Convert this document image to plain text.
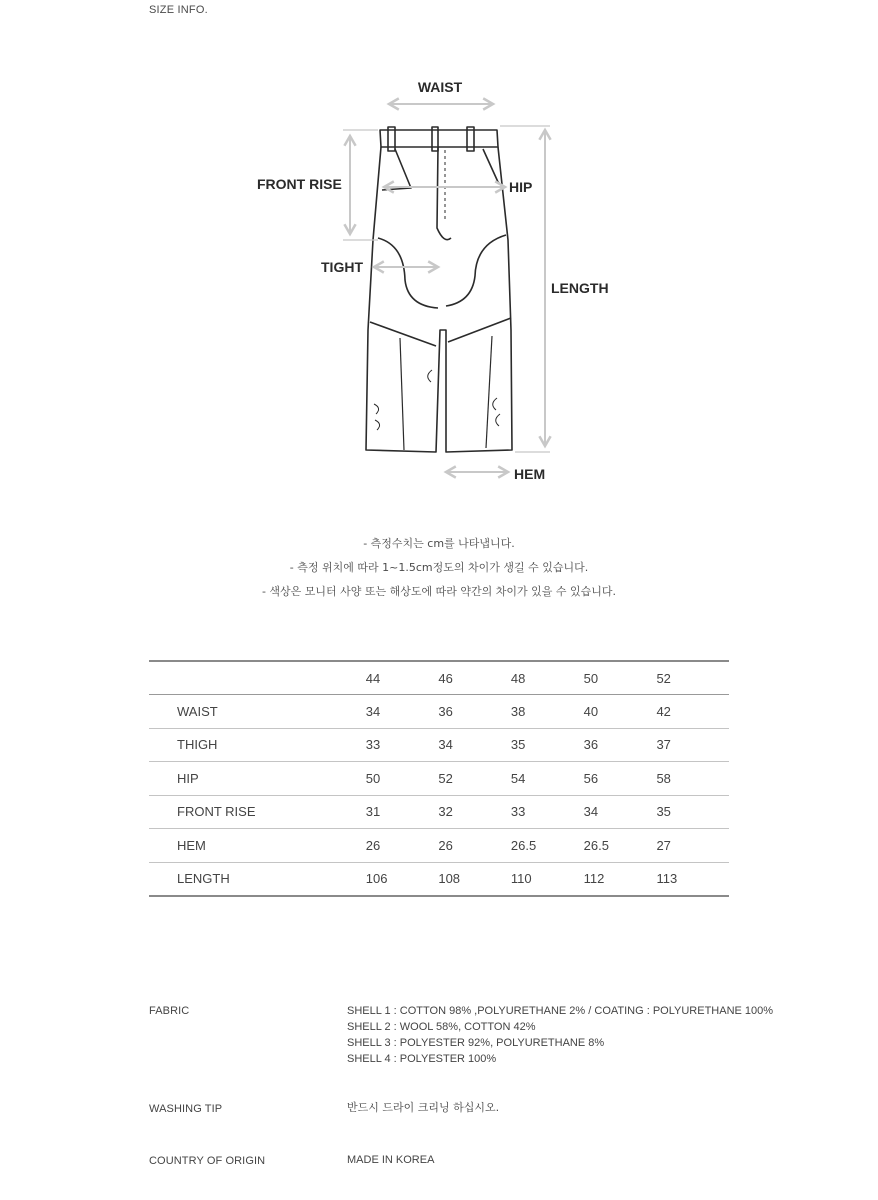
SIZE INFO.
WAIST
FRONT RISE	HIP
TIGHT
LENGTH
HEM
- 측정수치는 cm를 나타냅니다.
- 측정 위치에 따라 1~1.5cm정도의 차이가 생길 수 있습니다.
- 색상은 모니터 사양 또는 해상도에 따라 약간의 차이가 있을 수 있습니다.
	44	46	48	50	52
WAIST	34	36	38	40	42
THIGH	33	34	35	36	37
HIP	50	52	54	56	58
FRONT RISE	31	32	33	34	35
HEM	26	26	26.5	26.5	27
LENGTH	106	108	110	112	113
FABRIC	SHELL 1 : COTTON 98% ,POLYURETHANE 2% / COATING : POLYURETHANE 100%
SHELL 2 : WOOL 58%, COTTON 42%
SHELL 3 : POLYESTER 92%, POLYURETHANE 8%
SHELL 4 : POLYESTER 100%
WASHING TIP	반드시 드라이 크리닝 하십시오.
COUNTRY OF ORIGIN	MADE IN KOREA
